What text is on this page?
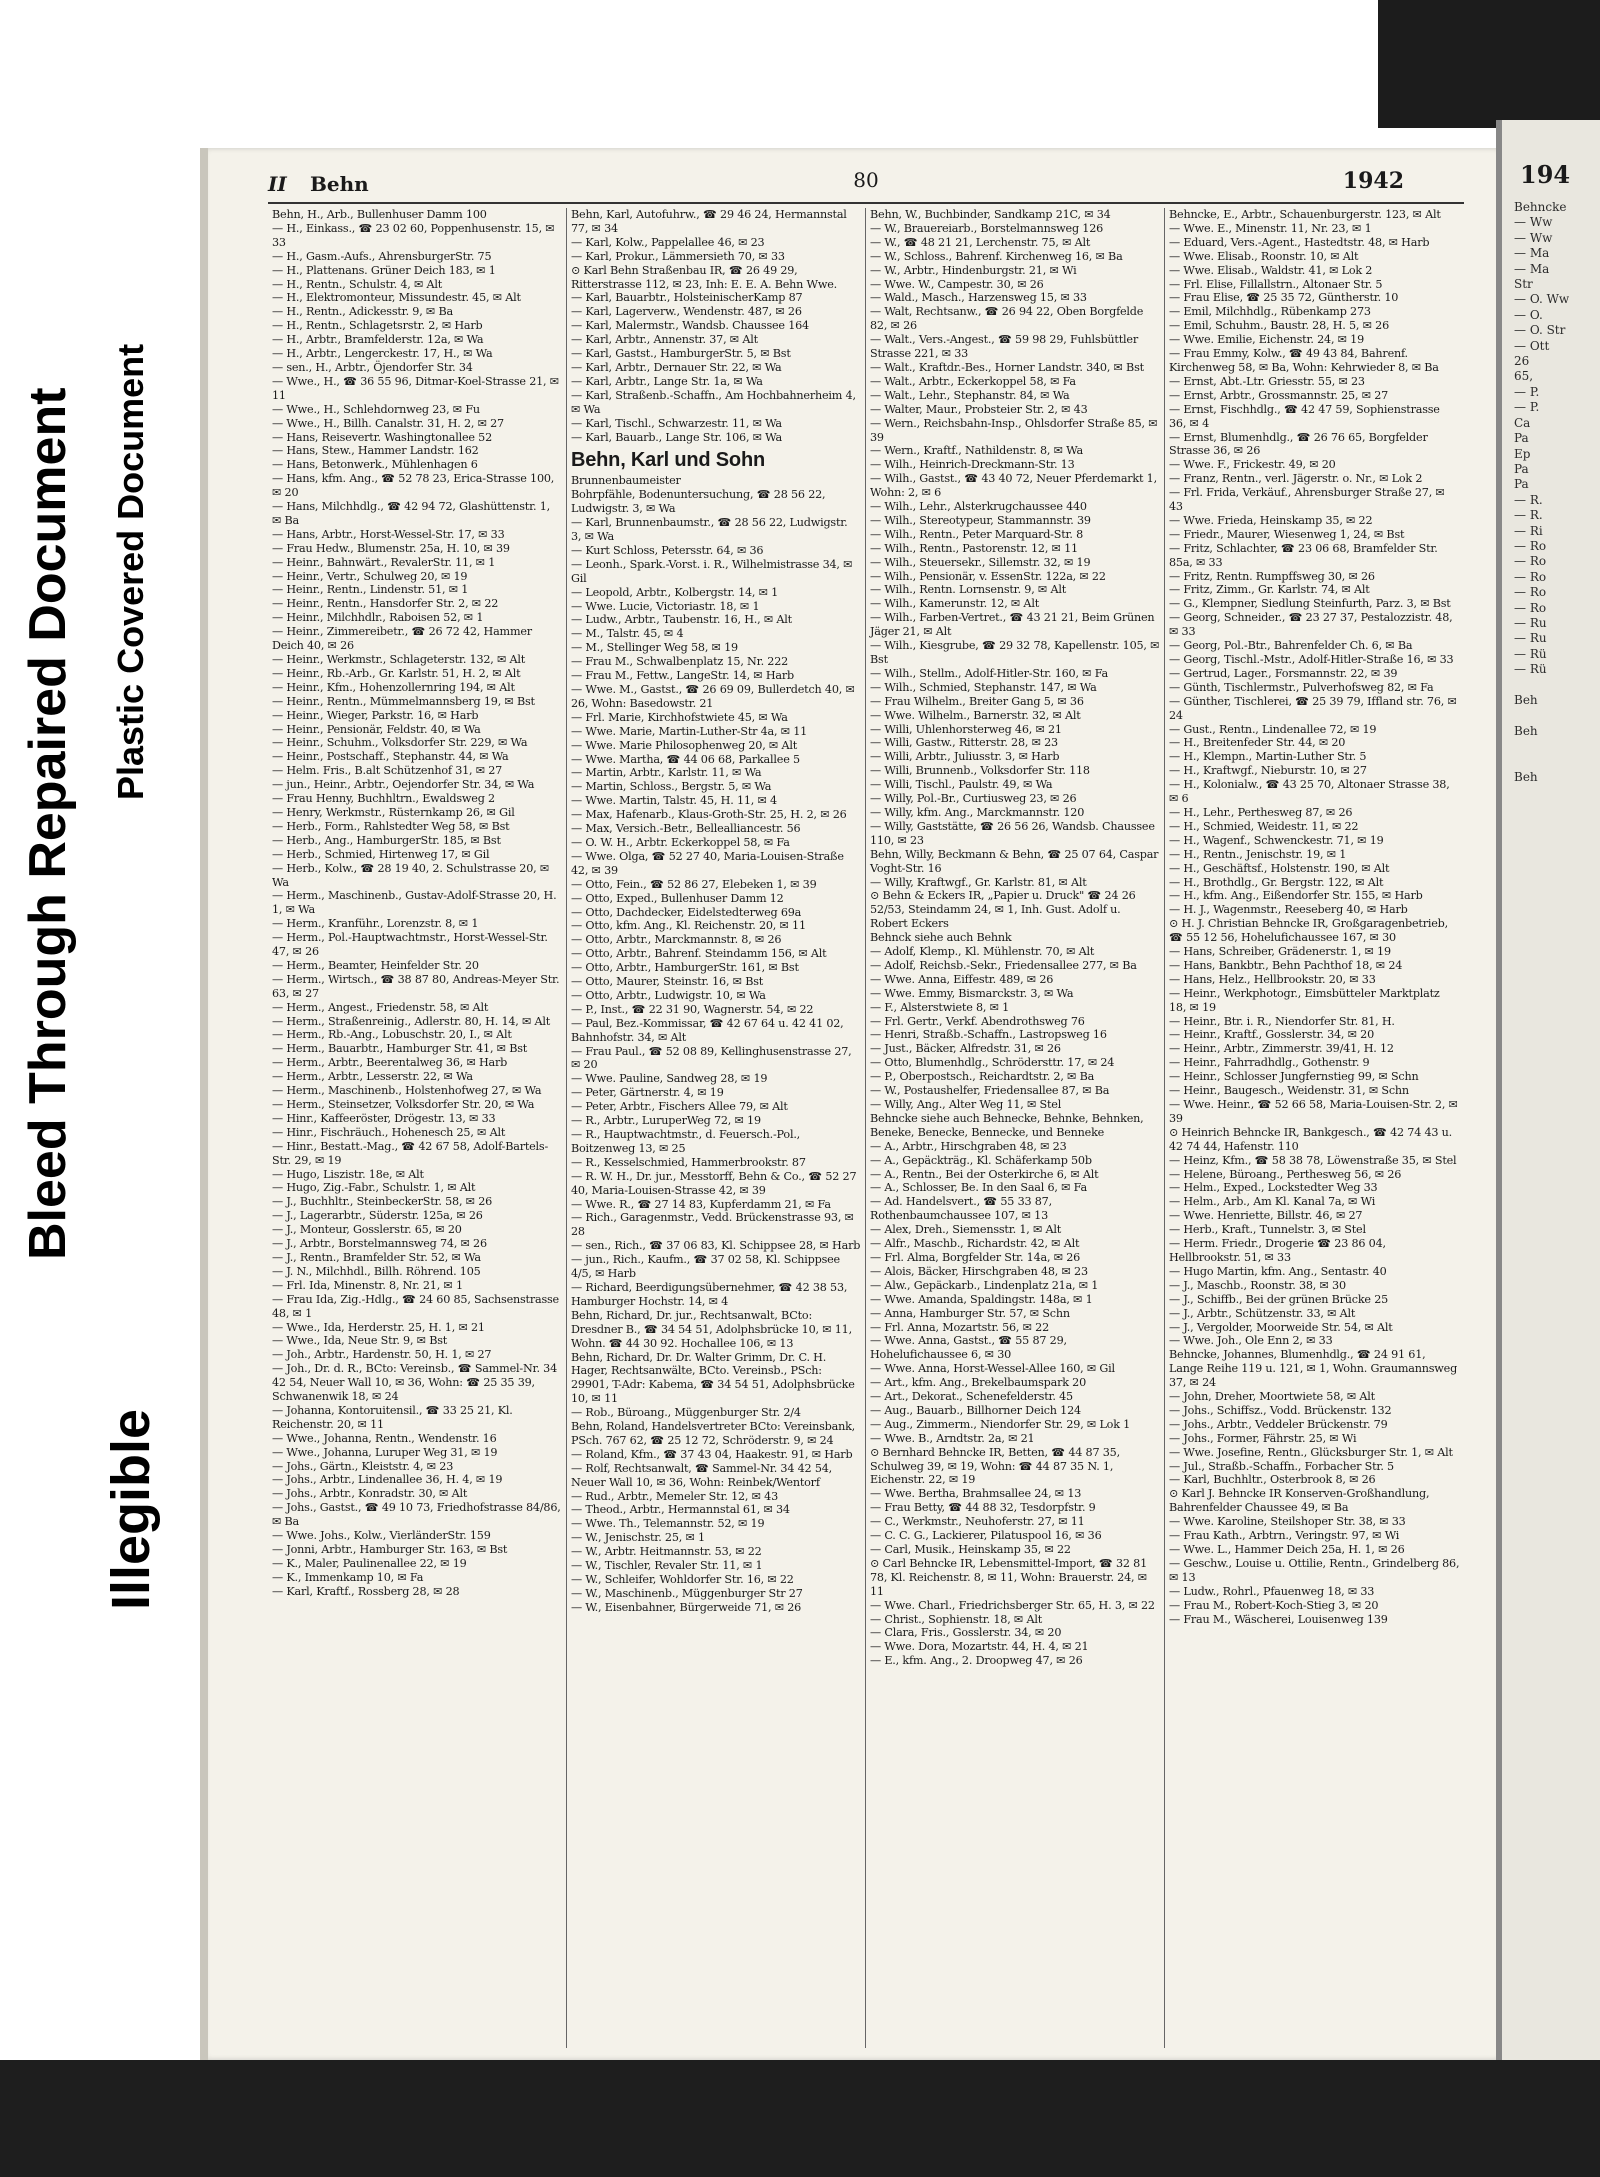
Bleed Through Repaired Document Plastic Covered Document
Illegible
II Behn	80	1942
Behn, H., Arb., Bullenhuser Damm 100
— H., Einkass., ☎ 23 02 60, Poppenhusenstr. 15, ✉ 33
— H., Gasm.-Aufs., AhrensburgerStr. 75
— H., Plattenans. Grüner Deich 183, ✉ 1
— H., Rentn., Schulstr. 4, ✉ Alt
— H., Elektromonteur, Missundestr. 45, ✉ Alt
— H., Rentn., Adickesstr. 9, ✉ Ba
— H., Rentn., Schlagetsrstr. 2, ✉ Harb
— H., Arbtr., Bramfelderstr. 12a, ✉ Wa
— H., Arbtr., Lengerckestr. 17, H., ✉ Wa
— sen., H., Arbtr., Öjendorfer Str. 34
— Wwe., H., ☎ 36 55 96, Ditmar-Koel-Strasse 21, ✉ 11
— Wwe., H., Schlehdornweg 23, ✉ Fu
— Wwe., H., Billh. Canalstr. 31, H. 2, ✉ 27
— Hans, Reisevertr. Washingtonallee 52
— Hans, Stew., Hammer Landstr. 162
— Hans, Betonwerk., Mühlenhagen 6
— Hans, kfm. Ang., ☎ 52 78 23, Erica-Strasse 100, ✉ 20
— Hans, Milchhdlg., ☎ 42 94 72, Glashüttenstr. 1, ✉ Ba
— Hans, Arbtr., Horst-Wessel-Str. 17, ✉ 33
— Frau Hedw., Blumenstr. 25a, H. 10, ✉ 39
— Heinr., Bahnwärt., RevalerStr. 11, ✉ 1
— Heinr., Vertr., Schulweg 20, ✉ 19
— Heinr., Rentn., Lindenstr. 51, ✉ 1
— Heinr., Rentn., Hansdorfer Str. 2, ✉ 22
— Heinr., Milchhdlr., Raboisen 52, ✉ 1
— Heinr., Zimmereibetr., ☎ 26 72 42, Hammer Deich 40, ✉ 26
— Heinr., Werkmstr., Schlageterstr. 132, ✉ Alt
— Heinr., Rb.-Arb., Gr. Karlstr. 51, H. 2, ✉ Alt
— Heinr., Kfm., Hohenzollernring 194, ✉ Alt
— Heinr., Rentn., Mümmelmannsberg 19, ✉ Bst
— Heinr., Wieger, Parkstr. 16, ✉ Harb
— Heinr., Pensionär, Feldstr. 40, ✉ Wa
— Heinr., Schuhm., Volksdorfer Str. 229, ✉ Wa
— Heinr., Postschaff., Stephanstr. 44, ✉ Wa
— Helm. Fris., B.alt Schützenhof 31, ✉ 27
— jun., Heinr., Arbtr., Oejendorfer Str. 34, ✉ Wa
— Frau Henny, Buchhltrn., Ewaldsweg 2
— Henry, Werkmstr., Rüsternkamp 26, ✉ Gil
— Herb., Form., Rahlstedter Weg 58, ✉ Bst
— Herb., Ang., HamburgerStr. 185, ✉ Bst
— Herb., Schmied, Hirtenweg 17, ✉ Gil
— Herb., Kolw., ☎ 28 19 40, 2. Schulstrasse 20, ✉ Wa
— Herm., Maschinenb., Gustav-Adolf-Strasse 20, H. 1, ✉ Wa
— Herm., Kranführ., Lorenzstr. 8, ✉ 1
— Herm., Pol.-Hauptwachtmstr., Horst-Wessel-Str. 47, ✉ 26
— Herm., Beamter, Heinfelder Str. 20
— Herm., Wirtsch., ☎ 38 87 80, Andreas-Meyer Str. 63, ✉ 27
— Herm., Angest., Friedenstr. 58, ✉ Alt
— Herm., Straßenreinig., Adlerstr. 80, H. 14, ✉ Alt
— Herm., Rb.-Ang., Lobuschstr. 20, I., ✉ Alt
— Herm., Bauarbtr., Hamburger Str. 41, ✉ Bst
— Herm., Arbtr., Beerentalweg 36, ✉ Harb
— Herm., Arbtr., Lesserstr. 22, ✉ Wa
— Herm., Maschinenb., Holstenhofweg 27, ✉ Wa
— Herm., Steinsetzer, Volksdorfer Str. 20, ✉ Wa
— Hinr., Kaffeeröster, Drögestr. 13, ✉ 33
— Hinr., Fischräuch., Hohenesch 25, ✉ Alt
— Hinr., Bestatt.-Mag., ☎ 42 67 58, Adolf-Bartels-Str. 29, ✉ 19
— Hugo, Liszistr. 18e, ✉ Alt
— Hugo, Zig.-Fabr., Schulstr. 1, ✉ Alt
— J., Buchhltr., SteinbeckerStr. 58, ✉ 26
— J., Lagerarbtr., Süderstr. 125a, ✉ 26
— J., Monteur, Gosslerstr. 65, ✉ 20
— J., Arbtr., Borstelmannsweg 74, ✉ 26
— J., Rentn., Bramfelder Str. 52, ✉ Wa
— J. N., Milchhdl., Billh. Röhrend. 105
— Frl. Ida, Minenstr. 8, Nr. 21, ✉ 1
— Frau Ida, Zig.-Hdlg., ☎ 24 60 85, Sachsenstrasse 48, ✉ 1
— Wwe., Ida, Herderstr. 25, H. 1, ✉ 21
— Wwe., Ida, Neue Str. 9, ✉ Bst
— Joh., Arbtr., Hardenstr. 50, H. 1, ✉ 27
— Joh., Dr. d. R., BCto: Vereinsb., ☎ Sammel-Nr. 34 42 54, Neuer Wall 10, ✉ 36, Wohn: ☎ 25 35 39, Schwanenwik 18, ✉ 24
— Johanna, Kontoruitensil., ☎ 33 25 21, Kl. Reichenstr. 20, ✉ 11
— Wwe., Johanna, Rentn., Wendenstr. 16
— Wwe., Johanna, Luruper Weg 31, ✉ 19
— Johs., Gärtn., Kleiststr. 4, ✉ 23
— Johs., Arbtr., Lindenallee 36, H. 4, ✉ 19
— Johs., Arbtr., Konradstr. 30, ✉ Alt
— Johs., Gastst., ☎ 49 10 73, Friedhofstrasse 84/86, ✉ Ba
— Wwe. Johs., Kolw., VierländerStr. 159
— Jonni, Arbtr., Hamburger Str. 163, ✉ Bst
— K., Maler, Paulinenallee 22, ✉ 19
— K., Immenkamp 10, ✉ Fa
— Karl, Kraftf., Rossberg 28, ✉ 28
Behn, Karl, Autofuhrw., ☎ 29 46 24, Hermannstal 77, ✉ 34
— Karl, Kolw., Pappelallee 46, ✉ 23
— Karl, Prokur., Lämmersieth 70, ✉ 33
⊙ Karl Behn Straßenbau IR, ☎ 26 49 29, Ritterstrasse 112, ✉ 23, Inh: E. E. A. Behn Wwe.
— Karl, Bauarbtr., HolsteinischerKamp 87
— Karl, Lagerverw., Wendenstr. 487, ✉ 26
— Karl, Malermstr., Wandsb. Chaussee 164
— Karl, Arbtr., Annenstr. 37, ✉ Alt
— Karl, Gastst., HamburgerStr. 5, ✉ Bst
— Karl, Arbtr., Dernauer Str. 22, ✉ Wa
— Karl, Arbtr., Lange Str. 1a, ✉ Wa
— Karl, Straßenb.-Schaffn., Am Hochbahnerheim 4, ✉ Wa
— Karl, Tischl., Schwarzestr. 11, ✉ Wa
— Karl, Bauarb., Lange Str. 106, ✉ Wa
Behn, Karl und Sohn
Brunnenbaumeister
Bohrpfähle, Bodenuntersuchung, ☎ 28 56 22, Ludwigstr. 3, ✉ Wa
— Karl, Brunnenbaumstr., ☎ 28 56 22, Ludwigstr. 3, ✉ Wa
— Kurt Schloss, Petersstr. 64, ✉ 36
— Leonh., Spark.-Vorst. i. R., Wilhelmistrasse 34, ✉ Gil
— Leopold, Arbtr., Kolbergstr. 14, ✉ 1
— Wwe. Lucie, Victoriastr. 18, ✉ 1
— Ludw., Arbtr., Taubenstr. 16, H., ✉ Alt
— M., Talstr. 45, ✉ 4
— M., Stellinger Weg 58, ✉ 19
— Frau M., Schwalbenplatz 15, Nr. 222
— Frau M., Fettw., LangeStr. 14, ✉ Harb
— Wwe. M., Gastst., ☎ 26 69 09, Bullerdetch 40, ✉ 26, Wohn: Basedowstr. 21
— Frl. Marie, Kirchhofstwiete 45, ✉ Wa
— Wwe. Marie, Martin-Luther-Str 4a, ✉ 11
— Wwe. Marie Philosophenweg 20, ✉ Alt
— Wwe. Martha, ☎ 44 06 68, Parkallee 5
— Martin, Arbtr., Karlstr. 11, ✉ Wa
— Martin, Schloss., Bergstr. 5, ✉ Wa
— Wwe. Martin, Talstr. 45, H. 11, ✉ 4
— Max, Hafenarb., Klaus-Groth-Str. 25, H. 2, ✉ 26
— Max, Versich.-Betr., Bellealliancestr. 56
— O. W. H., Arbtr. Eckerkoppel 58, ✉ Fa
— Wwe. Olga, ☎ 52 27 40, Maria-Louisen-Straße 42, ✉ 39
— Otto, Fein., ☎ 52 86 27, Elebeken 1, ✉ 39
— Otto, Exped., Bullenhuser Damm 12
— Otto, Dachdecker, Eidelstedterweg 69a
— Otto, kfm. Ang., Kl. Reichenstr. 20, ✉ 11
— Otto, Arbtr., Marckmannstr. 8, ✉ 26
— Otto, Arbtr., Bahrenf. Steindamm 156, ✉ Alt
— Otto, Arbtr., HamburgerStr. 161, ✉ Bst
— Otto, Maurer, Steinstr. 16, ✉ Bst
— Otto, Arbtr., Ludwigstr. 10, ✉ Wa
— P., Inst., ☎ 22 31 90, Wagnerstr. 54, ✉ 22
— Paul, Bez.-Kommissar, ☎ 42 67 64 u. 42 41 02, Bahnhofstr. 34, ✉ Alt
— Frau Paul., ☎ 52 08 89, Kellinghusenstrasse 27, ✉ 20
— Wwe. Pauline, Sandweg 28, ✉ 19
— Peter, Gärtnerstr. 4, ✉ 19
— Peter, Arbtr., Fischers Allee 79, ✉ Alt
— R., Arbtr., LuruperWeg 72, ✉ 19
— R., Hauptwachtmstr., d. Feuersch.-Pol., Boitzenweg 13, ✉ 25
— R., Kesselschmied, Hammerbrookstr. 87
— R. W. H., Dr. jur., Messtorff, Behn & Co., ☎ 52 27 40, Maria-Louisen-Strasse 42, ✉ 39
— Wwe. R., ☎ 27 14 83, Kupferdamm 21, ✉ Fa
— Rich., Garagenmstr., Vedd. Brückenstrasse 93, ✉ 28
— sen., Rich., ☎ 37 06 83, Kl. Schippsee 28, ✉ Harb
— jun., Rich., Kaufm., ☎ 37 02 58, Kl. Schippsee 4/5, ✉ Harb
— Richard, Beerdigungsübernehmer, ☎ 42 38 53, Hamburger Hochstr. 14, ✉ 4
Behn, Richard, Dr. jur., Rechtsanwalt, BCto: Dresdner B., ☎ 34 54 51, Adolphsbrücke 10, ✉ 11, Wohn. ☎ 44 30 92. Hochallee 106, ✉ 13
Behn, Richard, Dr. Dr. Walter Grimm, Dr. C. H. Hager, Rechtsanwälte, BCto. Vereinsb., PSch: 29901, T-Adr: Kabema, ☎ 34 54 51, Adolphsbrücke 10, ✉ 11
— Rob., Büroang., Müggenburger Str. 2/4
Behn, Roland, Handelsvertreter BCto: Vereinsbank, PSch. 767 62, ☎ 25 12 72, Schröderstr. 9, ✉ 24
— Roland, Kfm., ☎ 37 43 04, Haakestr. 91, ✉ Harb
— Rolf, Rechtsanwalt, ☎ Sammel-Nr. 34 42 54, Neuer Wall 10, ✉ 36, Wohn: Reinbek/Wentorf
— Rud., Arbtr., Memeler Str. 12, ✉ 43
— Theod., Arbtr., Hermannstal 61, ✉ 34
— Wwe. Th., Telemannstr. 52, ✉ 19
— W., Jenischstr. 25, ✉ 1
— W., Arbtr. Heitmannstr. 53, ✉ 22
— W., Tischler, Revaler Str. 11, ✉ 1
— W., Schleifer, Wohldorfer Str. 16, ✉ 22
— W., Maschinenb., Müggenburger Str 27
— W., Eisenbahner, Bürgerweide 71, ✉ 26
Behn, W., Buchbinder, Sandkamp 21C, ✉ 34
— W., Brauereiarb., Borstelmannsweg 126
— W., ☎ 48 21 21, Lerchenstr. 75, ✉ Alt
— W., Schloss., Bahrenf. Kirchenweg 16, ✉ Ba
— W., Arbtr., Hindenburgstr. 21, ✉ Wi
— Wwe. W., Campestr. 30, ✉ 26
— Wald., Masch., Harzensweg 15, ✉ 33
— Walt, Rechtsanw., ☎ 26 94 22, Oben Borgfelde 82, ✉ 26
— Walt., Vers.-Angest., ☎ 59 98 29, Fuhlsbüttler Strasse 221, ✉ 33
— Walt., Kraftdr.-Bes., Horner Landstr. 340, ✉ Bst
— Walt., Arbtr., Eckerkoppel 58, ✉ Fa
— Walt., Lehr., Stephanstr. 84, ✉ Wa
— Walter, Maur., Probsteier Str. 2, ✉ 43
— Wern., Reichsbahn-Insp., Ohlsdorfer Straße 85, ✉ 39
— Wern., Kraftf., Nathildenstr. 8, ✉ Wa
— Wilh., Heinrich-Dreckmann-Str. 13
— Wilh., Gastst., ☎ 43 40 72, Neuer Pferdemarkt 1, Wohn: 2, ✉ 6
— Wilh., Lehr., Alsterkrugchaussee 440
— Wilh., Stereotypeur, Stammannstr. 39
— Wilh., Rentn., Peter Marquard-Str. 8
— Wilh., Rentn., Pastorenstr. 12, ✉ 11
— Wilh., Steuersekr., Sillemstr. 32, ✉ 19
— Wilh., Pensionär, v. EssenStr. 122a, ✉ 22
— Wilh., Rentn. Lornsenstr. 9, ✉ Alt
— Wilh., Kamerunstr. 12, ✉ Alt
— Wilh., Farben-Vertret., ☎ 43 21 21, Beim Grünen Jäger 21, ✉ Alt
— Wilh., Kiesgrube, ☎ 29 32 78, Kapellenstr. 105, ✉ Bst
— Wilh., Stellm., Adolf-Hitler-Str. 160, ✉ Fa
— Wilh., Schmied, Stephanstr. 147, ✉ Wa
— Frau Wilhelm., Breiter Gang 5, ✉ 36
— Wwe. Wilhelm., Barnerstr. 32, ✉ Alt
— Willi, Uhlenhorsterweg 46, ✉ 21
— Willi, Gastw., Ritterstr. 28, ✉ 23
— Willi, Arbtr., Juliusstr. 3, ✉ Harb
— Willi, Brunnenb., Volksdorfer Str. 118
— Willi, Tischl., Paulstr. 49, ✉ Wa
— Willy, Pol.-Br., Curtiusweg 23, ✉ 26
— Willy, kfm. Ang., Marckmannstr. 120
— Willy, Gaststätte, ☎ 26 56 26, Wandsb. Chaussee 110, ✉ 23
Behn, Willy, Beckmann & Behn, ☎ 25 07 64, Caspar Voght-Str. 16
— Willy, Kraftwgf., Gr. Karlstr. 81, ✉ Alt
⊙ Behn & Eckers IR, „Papier u. Druck" ☎ 24 26 52/53, Steindamm 24, ✉ 1, Inh. Gust. Adolf u. Robert Eckers
Behnck siehe auch Behnk
— Adolf, Klemp., Kl. Mühlenstr. 70, ✉ Alt
— Adolf, Reichsb.-Sekr., Friedensallee 277, ✉ Ba
— Wwe. Anna, Eiffestr. 489, ✉ 26
— Wwe. Emmy, Bismarckstr. 3, ✉ Wa
— F., Alsterstwiete 8, ✉ 1
— Frl. Gertr., Verkf. Abendrothsweg 76
— Henri, Straßb.-Schaffn., Lastropsweg 16
— Just., Bäcker, Alfredstr. 31, ✉ 26
— Otto, Blumenhdlg., Schrödersttr. 17, ✉ 24
— P., Oberpostsch., Reichardtstr. 2, ✉ Ba
— W., Postaushelfer, Friedensallee 87, ✉ Ba
— Willy, Ang., Alter Weg 11, ✉ Stel
Behncke siehe auch Behnecke, Behnke, Behnken, Beneke, Benecke, Bennecke, und Benneke
— A., Arbtr., Hirschgraben 48, ✉ 23
— A., Gepäckträg., Kl. Schäferkamp 50b
— A., Rentn., Bei der Osterkirche 6, ✉ Alt
— A., Schlosser, Be. In den Saal 6, ✉ Fa
— Ad. Handelsvert., ☎ 55 33 87, Rothenbaumchaussee 107, ✉ 13
— Alex, Dreh., Siemensstr. 1, ✉ Alt
— Alfr., Maschb., Richardstr. 42, ✉ Alt
— Frl. Alma, Borgfelder Str. 14a, ✉ 26
— Alois, Bäcker, Hirschgraben 48, ✉ 23
— Alw., Gepäckarb., Lindenplatz 21a, ✉ 1
— Wwe. Amanda, Spaldingstr. 148a, ✉ 1
— Anna, Hamburger Str. 57, ✉ Schn
— Frl. Anna, Mozartstr. 56, ✉ 22
— Wwe. Anna, Gastst., ☎ 55 87 29, Hohelufichaussee 6, ✉ 30
— Wwe. Anna, Horst-Wessel-Allee 160, ✉ Gil
— Art., kfm. Ang., Brekelbaumspark 20
— Art., Dekorat., Schenefelderstr. 45
— Aug., Bauarb., Billhorner Deich 124
— Aug., Zimmerm., Niendorfer Str. 29, ✉ Lok 1
— Wwe. B., Arndtstr. 2a, ✉ 21
⊙ Bernhard Behncke IR, Betten, ☎ 44 87 35, Schulweg 39, ✉ 19, Wohn: ☎ 44 87 35 N. 1, Eichenstr. 22, ✉ 19
— Wwe. Bertha, Brahmsallee 24, ✉ 13
— Frau Betty, ☎ 44 88 32, Tesdorpfstr. 9
— C., Werkmstr., Neuhoferstr. 27, ✉ 11
— C. C. G., Lackierer, Pilatuspool 16, ✉ 36
— Carl, Musik., Heinskamp 35, ✉ 22
⊙ Carl Behncke IR, Lebensmittel-Import, ☎ 32 81 78, Kl. Reichenstr. 8, ✉ 11, Wohn: Brauerstr. 24, ✉ 11
— Wwe. Charl., Friedrichsberger Str. 65, H. 3, ✉ 22
— Christ., Sophienstr. 18, ✉ Alt
— Clara, Fris., Gosslerstr. 34, ✉ 20
— Wwe. Dora, Mozartstr. 44, H. 4, ✉ 21
— E., kfm. Ang., 2. Droopweg 47, ✉ 26
Behncke, E., Arbtr., Schauenburgerstr. 123, ✉ Alt
— Wwe. E., Minenstr. 11, Nr. 23, ✉ 1
— Eduard, Vers.-Agent., Hastedtstr. 48, ✉ Harb
— Wwe. Elisab., Roonstr. 10, ✉ Alt
— Wwe. Elisab., Waldstr. 41, ✉ Lok 2
— Frl. Elise, Fillallstrn., Altonaer Str. 5
— Frau Elise, ☎ 25 35 72, Güntherstr. 10
— Emil, Milchhdlg., Rübenkamp 273
— Emil, Schuhm., Baustr. 28, H. 5, ✉ 26
— Wwe. Emilie, Eichenstr. 24, ✉ 19
— Frau Emmy, Kolw., ☎ 49 43 84, Bahrenf. Kirchenweg 58, ✉ Ba, Wohn: Kehrwieder 8, ✉ Ba
— Ernst, Abt.-Ltr. Griesstr. 55, ✉ 23
— Ernst, Arbtr., Grossmannstr. 25, ✉ 27
— Ernst, Fischhdlg., ☎ 42 47 59, Sophienstrasse 36, ✉ 4
— Ernst, Blumenhdlg., ☎ 26 76 65, Borgfelder Strasse 36, ✉ 26
— Wwe. F., Frickestr. 49, ✉ 20
— Franz, Rentn., verl. Jägerstr. o. Nr., ✉ Lok 2
— Frl. Frida, Verkäuf., Ahrensburger Straße 27, ✉ 43
— Wwe. Frieda, Heinskamp 35, ✉ 22
— Friedr., Maurer, Wiesenweg 1, 24, ✉ Bst
— Fritz, Schlachter, ☎ 23 06 68, Bramfelder Str. 85a, ✉ 33
— Fritz, Rentn. Rumpffsweg 30, ✉ 26
— Fritz, Zimm., Gr. Karlstr. 74, ✉ Alt
— G., Klempner, Siedlung Steinfurth, Parz. 3, ✉ Bst
— Georg, Schneider., ☎ 23 27 37, Pestalozzistr. 48, ✉ 33
— Georg, Pol.-Btr., Bahrenfelder Ch. 6, ✉ Ba
— Georg, Tischl.-Mstr., Adolf-Hitler-Straße 16, ✉ 33
— Gertrud, Lager., Forsmannstr. 22, ✉ 39
— Günth, Tischlermstr., Pulverhofsweg 82, ✉ Fa
— Günther, Tischlerei, ☎ 25 39 79, Iffland str. 76, ✉ 24
— Gust., Rentn., Lindenallee 72, ✉ 19
— H., Breitenfeder Str. 44, ✉ 20
— H., Klempn., Martin-Luther Str. 5
— H., Kraftwgf., Nieburstr. 10, ✉ 27
— H., Kolonialw., ☎ 43 25 70, Altonaer Strasse 38, ✉ 6
— H., Lehr., Perthesweg 87, ✉ 26
— H., Schmied, Weidestr. 11, ✉ 22
— H., Wagenf., Schwenckestr. 71, ✉ 19
— H., Rentn., Jenischstr. 19, ✉ 1
— H., Geschäftsf., Holstenstr. 190, ✉ Alt
— H., Brothdlg., Gr. Bergstr. 122, ✉ Alt
— H., kfm. Ang., Eißendorfer Str. 155, ✉ Harb
— H. J., Wagenmstr., Reeseberg 40, ✉ Harb
⊙ H. J. Christian Behncke IR, Großgaragenbetrieb, ☎ 55 12 56, Hohelufichaussee 167, ✉ 30
— Hans, Schreiber, Grädenerstr. 1, ✉ 19
— Hans, Bankbtr., Behn Pachthof 18, ✉ 24
— Hans, Helz., Hellbrookstr. 20, ✉ 33
— Heinr., Werkphotogr., Eimsbütteler Marktplatz 18, ✉ 19
— Heinr., Btr. i. R., Niendorfer Str. 81, H.
— Heinr., Kraftf., Gosslerstr. 34, ✉ 20
— Heinr., Arbtr., Zimmerstr. 39/41, H. 12
— Heinr., Fahrradhdlg., Gothenstr. 9
— Heinr., Schlosser Jungfernstieg 99, ✉ Schn
— Heinr., Baugesch., Weidenstr. 31, ✉ Schn
— Wwe. Heinr., ☎ 52 66 58, Maria-Louisen-Str. 2, ✉ 39
⊙ Heinrich Behncke IR, Bankgesch., ☎ 42 74 43 u. 42 74 44, Hafenstr. 110
— Heinz, Kfm., ☎ 58 38 78, Löwenstraße 35, ✉ Stel
— Helene, Büroang., Perthesweg 56, ✉ 26
— Helm., Exped., Lockstedter Weg 33
— Helm., Arb., Am Kl. Kanal 7a, ✉ Wi
— Wwe. Henriette, Billstr. 46, ✉ 27
— Herb., Kraft., Tunnelstr. 3, ✉ Stel
— Herm. Friedr., Drogerie ☎ 23 86 04, Hellbrookstr. 51, ✉ 33
— Hugo Martin, kfm. Ang., Sentastr. 40
— J., Maschb., Roonstr. 38, ✉ 30
— J., Schiffb., Bei der grünen Brücke 25
— J., Arbtr., Schützenstr. 33, ✉ Alt
— J., Vergolder, Moorweide Str. 54, ✉ Alt
— Wwe. Joh., Ole Enn 2, ✉ 33
Behncke, Johannes, Blumenhdlg., ☎ 24 91 61, Lange Reihe 119 u. 121, ✉ 1, Wohn. Graumannsweg 37, ✉ 24
— John, Dreher, Moortwiete 58, ✉ Alt
— Johs., Schiffsz., Vodd. Brückenstr. 132
— Johs., Arbtr., Veddeler Brückenstr. 79
— Johs., Former, Fährstr. 25, ✉ Wi
— Wwe. Josefine, Rentn., Glücksburger Str. 1, ✉ Alt
— Jul., Straßb.-Schaffn., Forbacher Str. 5
— Karl, Buchhltr., Osterbrook 8, ✉ 26
⊙ Karl J. Behncke IR Konserven-Großhandlung, Bahrenfelder Chaussee 49, ✉ Ba
— Wwe. Karoline, Steilshoper Str. 38, ✉ 33
— Frau Kath., Arbtrn., Veringstr. 97, ✉ Wi
— Wwe. L., Hammer Deich 25a, H. 1, ✉ 26
— Geschw., Louise u. Ottilie, Rentn., Grindelberg 86, ✉ 13
— Ludw., Rohrl., Pfauenweg 18, ✉ 33
— Frau M., Robert-Koch-Stieg 3, ✉ 20
— Frau M., Wäscherei, Louisenweg 139
194
Behncke
— Ww
— Ww
— Ma
— Ma
Str
— O. Ww
— O.
— O. Str
— Ott
26
65,
— P.
— P.
Ca
Pa
Ep
Pa
Pa
— R.
— R.
— Ri
— Ro
— Ro
— Ro
— Ro
— Ro
— Ru
— Ru
— Rü
— Rü

Beh

Beh

Beh
